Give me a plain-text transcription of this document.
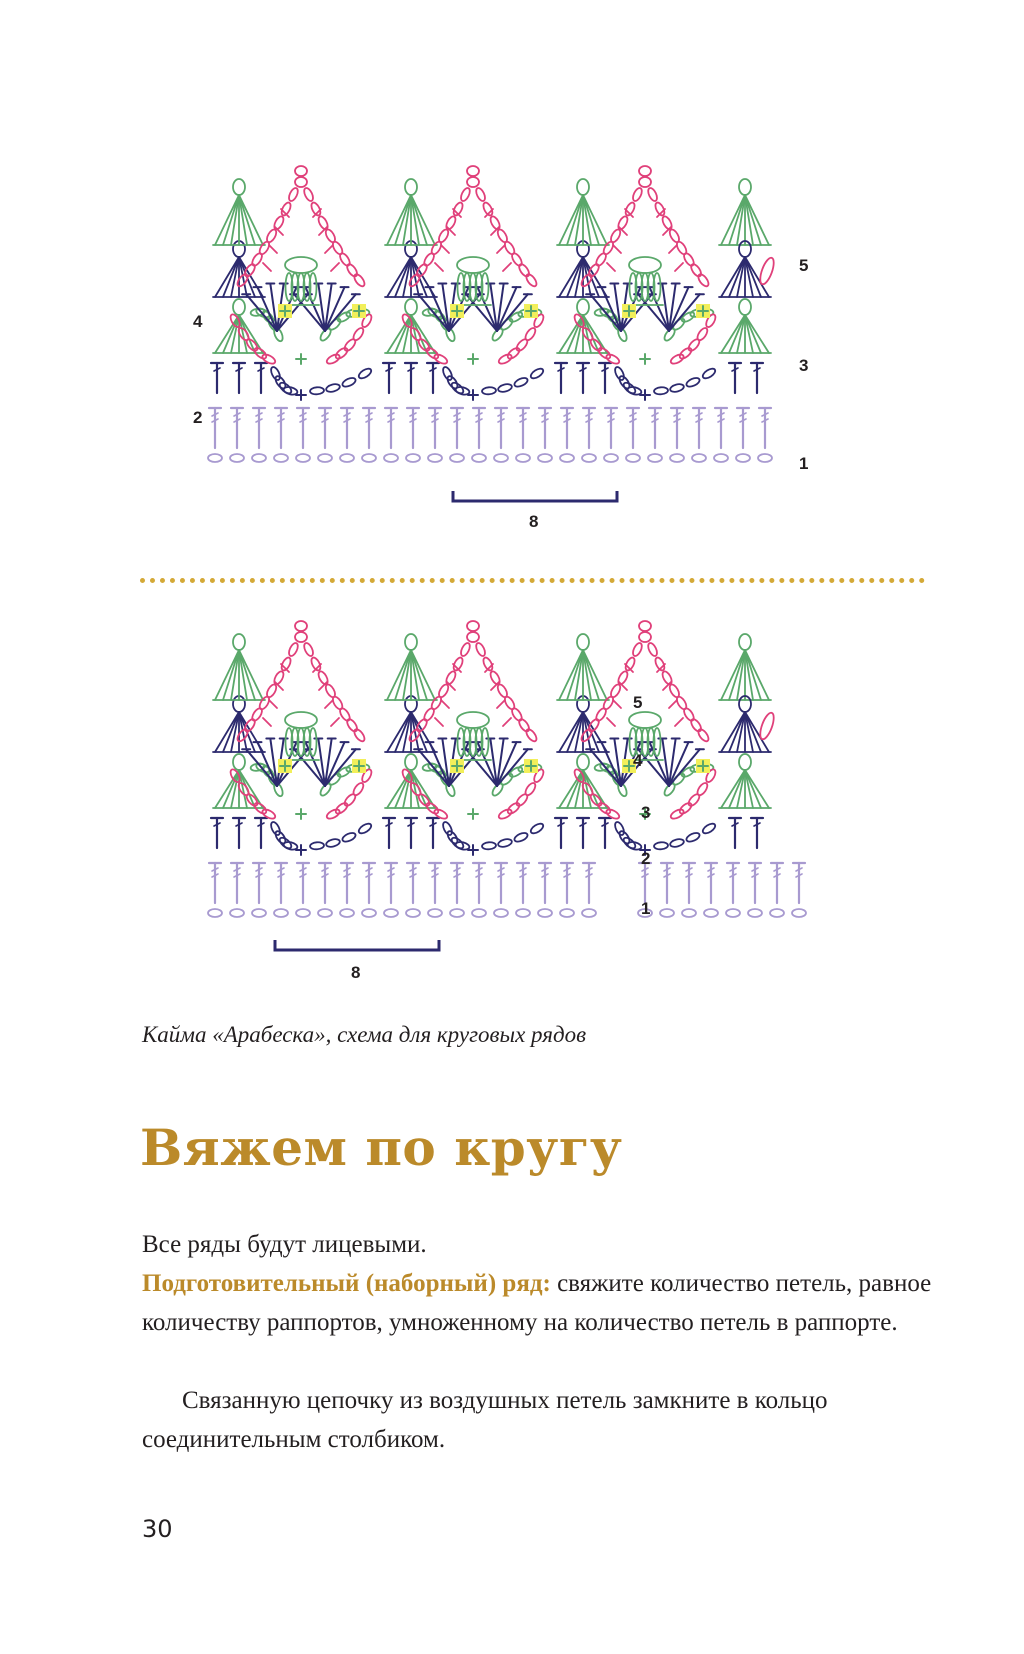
4
2
5
3
1
8
5
4
3
2
1
8

Кайма «Арабеска», схема для круговых рядов

Вяжем по кругу

Все ряды будут лицевыми.

Подготовительный (наборный) ряд: свяжите количество петель, равное количеству раппортов, умноженному на количество петель в раппорте.

Связанную цепочку из воздушных петель замкните в кольцо соединительным столбиком.

30
